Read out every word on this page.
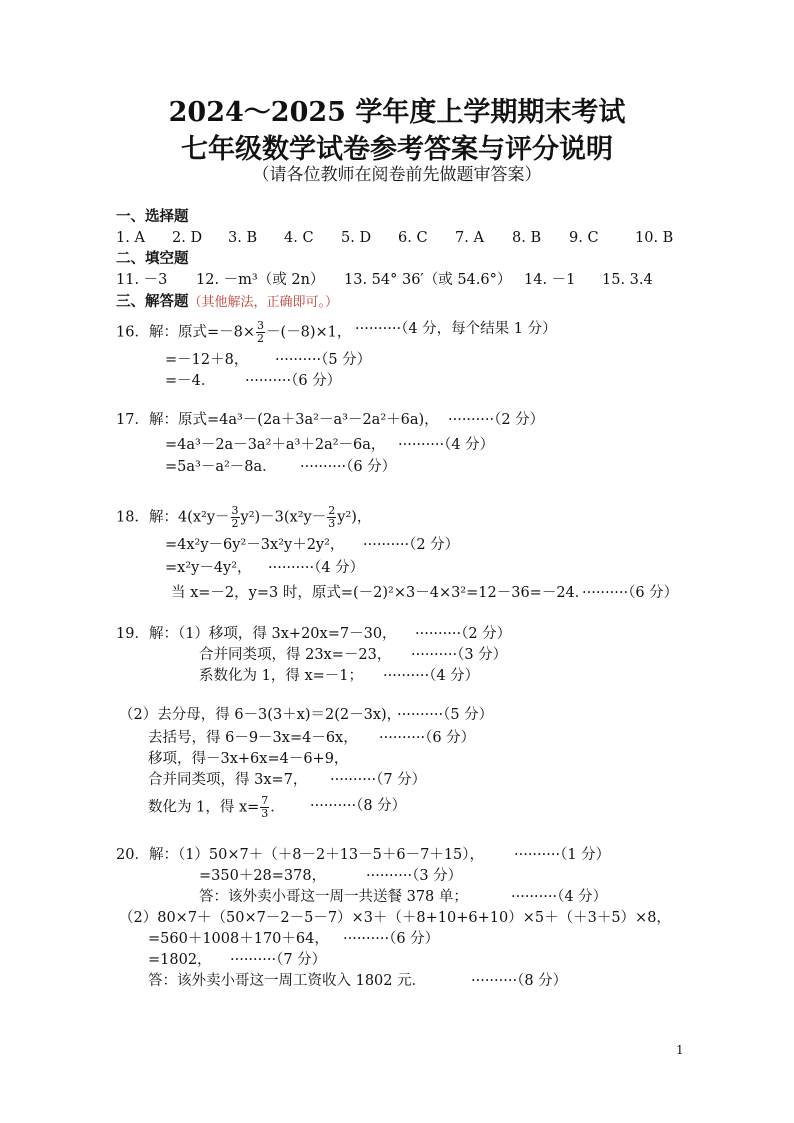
2024～2025 学年度上学期期末考试
七年级数学试卷参考答案与评分说明
（请各位教师在阅卷前先做题审答案）
一、选择题
1. A 2. D 3. B 4. C 5. D 6. C 7. A 8. B 9. C	10. B
二、填空题
11. －3 12. －m³（或 2n） 13. 54° 36′（或 54.6°） 14. －1 15. 3.4
三、解答题（其他解法，正确即可。）
16．解：原式$=-8\times \frac{3}{2} -(-8)\times 1$， ··········（4 分，每个结果 1 分）
=－12＋8， ··········（5 分）
=－4． ··········（6 分）
17．解：原式=4a³－(2a＋3a²－a³－2a²＋6a)， ··········（2 分）
=4a³－2a－3a²＋a³＋2a²－6a， ··········（4 分）
=5a³－a²－8a． ··········（6 分）
18．解：$4(x^2y- \frac{3}{2} y^2)-3(x^2y- \frac{2}{3} y^2)$，
=4x²y－6y²－3x²y＋2y²， ··········（2 分）
=x²y－4y²， ··········（4 分）
当 x=－2，y=3 时，原式=(－2)²×3－4×3²=12－36=－24．
··········（6 分）
19．解：（1）移项，得 3x+20x=7－30， ··········（2 分）
合并同类项，得 23x=－23， ··········（3 分）
系数化为 1，得 x=－1； ··········（4 分）
（2）去分母，得 6－3(3＋x)＝2(2－3x)，
··········（5 分）
去括号，得 6－9－3x=4－6x， ··········（6 分）
移项，得－3x+6x=4－6+9，
合并同类项，得 3x=7， ··········（7 分）
数化为 1，得 $x= \frac{7}{3}$ ． ··········（8 分）
20．解：（1）50×7＋（＋8－2＋13－5＋6－7＋15）， ··········（1 分）
=350＋28=378，	··········（3 分）
答：该外卖小哥这一周一共送餐 378 单；	··········（4 分）
（2）80×7＋（50×7－2－5－7）×3＋（＋8+10+6+10）×5＋（＋3＋5）×8，
=560＋1008＋170＋64， ··········（6 分）
=1802， ··········（7 分）
答：该外卖小哥这一周工资收入 1802 元．	··········（8 分）
1
